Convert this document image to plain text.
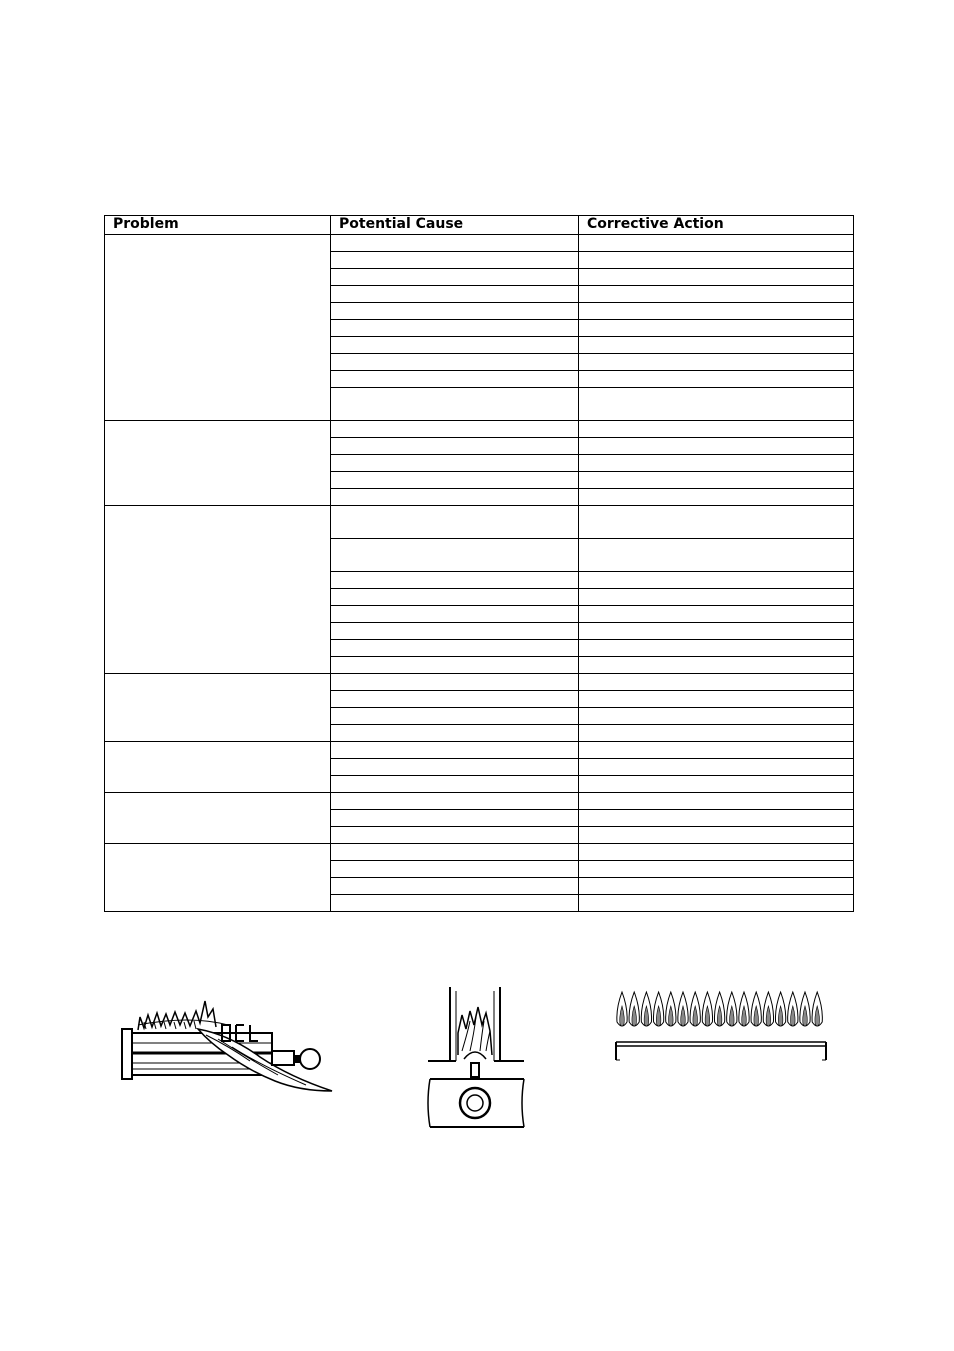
Problem	Potential Cause	Corrective Action
